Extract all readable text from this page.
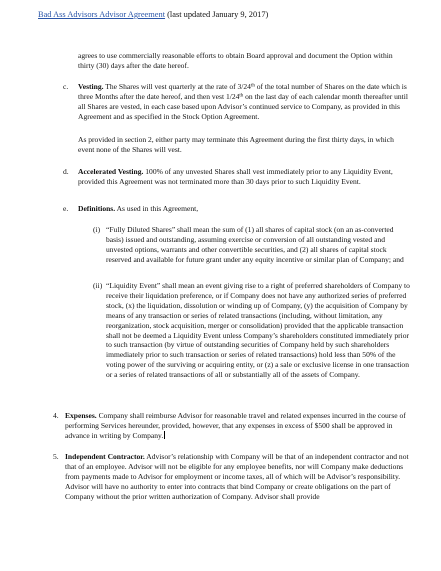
Bad Ass Advisors Advisor Agreement (last updated January 9, 2017)

agrees to use commercially reasonable efforts to obtain Board approval and document the Option within thirty (30) days after the date hereof.

c. Vesting. The Shares will vest quarterly at the rate of 3/24th of the total number of Shares on the date which is three Months after the date hereof, and then vest 1/24th on the last day of each calendar month thereafter until all Shares are vested, in each case based upon Advisor’s continued service to Company, as provided in this Agreement and as specified in the Stock Option Agreement.

As provided in section 2, either party may terminate this Agreement during the first thirty days, in which event none of the Shares will vest.

d. Accelerated Vesting. 100% of any unvested Shares shall vest immediately prior to any Liquidity Event, provided this Agreement was not terminated more than 30 days prior to such Liquidity Event.

e. Definitions. As used in this Agreement,

(i) “Fully Diluted Shares” shall mean the sum of (1) all shares of capital stock (on an as-converted basis) issued and outstanding, assuming exercise or conversion of all outstanding vested and unvested options, warrants and other convertible securities, and (2) all shares of capital stock reserved and available for future grant under any equity incentive or similar plan of Company; and

(ii) “Liquidity Event” shall mean an event giving rise to a right of preferred shareholders of Company to receive their liquidation preference, or if Company does not have any authorized series of preferred stock, (x) the liquidation, dissolution or winding up of Company, (y) the acquisition of Company by means of any transaction or series of related transactions (including, without limitation, any reorganization, stock acquisition, merger or consolidation) provided that the applicable transaction shall not be deemed a Liquidity Event unless Company’s shareholders constituted immediately prior to such transaction (by virtue of outstanding securities of Company held by such shareholders immediately prior to such transaction or series of related transactions) hold less than 50% of the voting power of the surviving or acquiring entity, or (z) a sale or exclusive license in one transaction or a series of related transactions of all or substantially all of the assets of Company.

4. Expenses. Company shall reimburse Advisor for reasonable travel and related expenses incurred in the course of performing Services hereunder, provided, however, that any expenses in excess of $500 shall be approved in advance in writing by Company.

5. Independent Contractor. Advisor’s relationship with Company will be that of an independent contractor and not that of an employee. Advisor will not be eligible for any employee benefits, nor will Company make deductions from payments made to Advisor for employment or income taxes, all of which will be Advisor’s responsibility. Advisor will have no authority to enter into contracts that bind Company or create obligations on the part of Company without the prior written authorization of Company. Advisor shall provide
